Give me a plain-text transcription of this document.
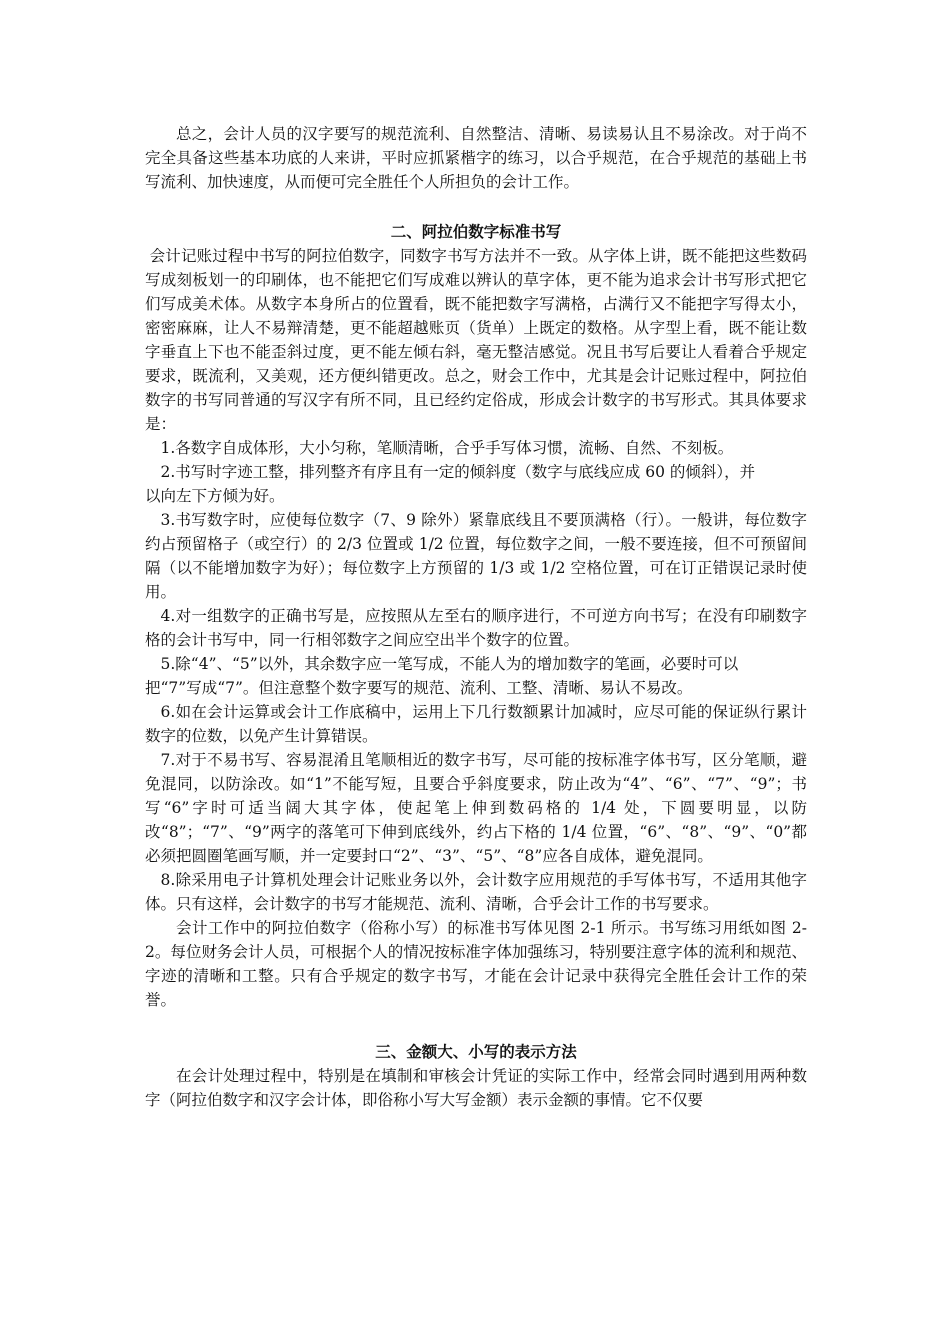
总之，会计人员的汉字要写的规范流利、自然整洁、清晰、易读易认且不易涂改。对于尚不完全具备这些基本功底的人来讲，平时应抓紧楷字的练习，以合乎规范，在合乎规范的基础上书写流利、加快速度，从而便可完全胜任个人所担负的会计工作。

二、阿拉伯数字标准书写

会计记账过程中书写的阿拉伯数字，同数字书写方法并不一致。从字体上讲，既不能把这些数码写成刻板划一的印刷体，也不能把它们写成难以辨认的草字体，更不能为追求会计书写形式把它们写成美术体。从数字本身所占的位置看，既不能把数字写满格，占满行又不能把字写得太小，密密麻麻，让人不易辩清楚，更不能超越账页（货单）上既定的数格。从字型上看，既不能让数字垂直上下也不能歪斜过度，更不能左倾右斜，毫无整洁感觉。况且书写后要让人看着合乎规定要求，既流利，又美观，还方便纠错更改。总之，财会工作中，尤其是会计记账过程中，阿拉伯数字的书写同普通的写汉字有所不同，且已经约定俗成，形成会计数字的书写形式。其具体要求是：

1.各数字自成体形，大小匀称，笔顺清晰，合乎手写体习惯，流畅、自然、不刻板。

2.书写时字迹工整，排列整齐有序且有一定的倾斜度（数字与底线应成 60 的倾斜），并

以向左下方倾为好。

3.书写数字时，应使每位数字（7、9 除外）紧靠底线且不要顶满格（行）。一般讲，每位数字约占预留格子（或空行）的 2/3 位置或 1/2 位置，每位数字之间，一般不要连接，但不可预留间隔（以不能增加数字为好）；每位数字上方预留的 1/3 或 1/2 空格位置，可在订正错误记录时使用。

4.对一组数字的正确书写是，应按照从左至右的顺序进行，不可逆方向书写；在没有印刷数字格的会计书写中，同一行相邻数字之间应空出半个数字的位置。

5.除“4”、“5”以外，其余数字应一笔写成，不能人为的增加数字的笔画，必要时可以

把“7”写成“7”。但注意整个数字要写的规范、流利、工整、清晰、易认不易改。

6.如在会计运算或会计工作底稿中，运用上下几行数额累计加减时，应尽可能的保证纵行累计数字的位数，以免产生计算错误。

7.对于不易书写、容易混淆且笔顺相近的数字书写，尽可能的按标准字体书写，区分笔顺，避免混同，以防涂改。如“1”不能写短，且要合乎斜度要求，防止改为“4”、“6”、“7”、“9”；书写“6”字时可适当阔大其字体，使起笔上伸到数码格的 1/4 处，下圆要明显，以防改“8”；“7”、“9”两字的落笔可下伸到底线外，约占下格的 1/4 位置，“6”、“8”、“9”、“0”都必须把圆圈笔画写顺，并一定要封口“2”、“3”、“5”、“8”应各自成体，避免混同。

8.除采用电子计算机处理会计记账业务以外，会计数字应用规范的手写体书写，不适用其他字体。只有这样，会计数字的书写才能规范、流利、清晰，合乎会计工作的书写要求。

会计工作中的阿拉伯数字（俗称小写）的标准书写体见图 2-1 所示。书写练习用纸如图 2-2。每位财务会计人员，可根据个人的情况按标准字体加强练习，特别要注意字体的流利和规范、字迹的清晰和工整。只有合乎规定的数字书写，才能在会计记录中获得完全胜任会计工作的荣誉。

三、金额大、小写的表示方法

在会计处理过程中，特别是在填制和审核会计凭证的实际工作中，经常会同时遇到用两种数字（阿拉伯数字和汉字会计体，即俗称小写大写金额）表示金额的事情。它不仅要
